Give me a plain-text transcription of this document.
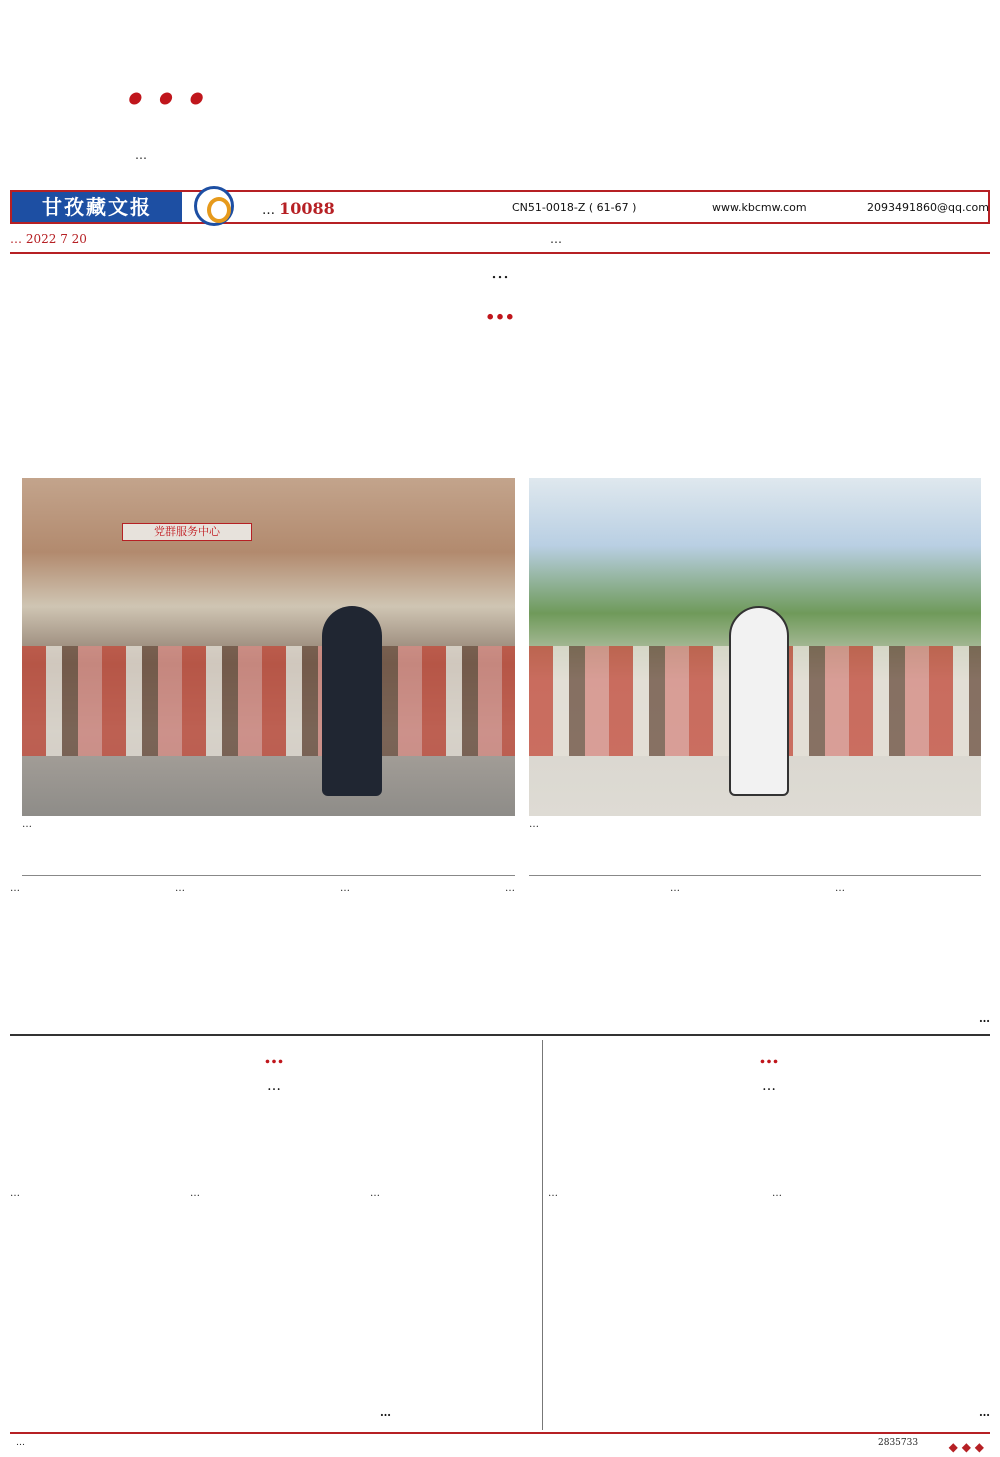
…
…
甘孜藏文报	… 10088	CN51-0018-Z ( 61-67 )	www.kbcmw.com	2093491860@qq.com
… 2022 7 20	…
…
…
党群服务中心
…	…
…	…	…	…	…	…
…
…
…
…	…	…
…
…
…
…	…
…
…	2835733	◆ ◆ ◆
